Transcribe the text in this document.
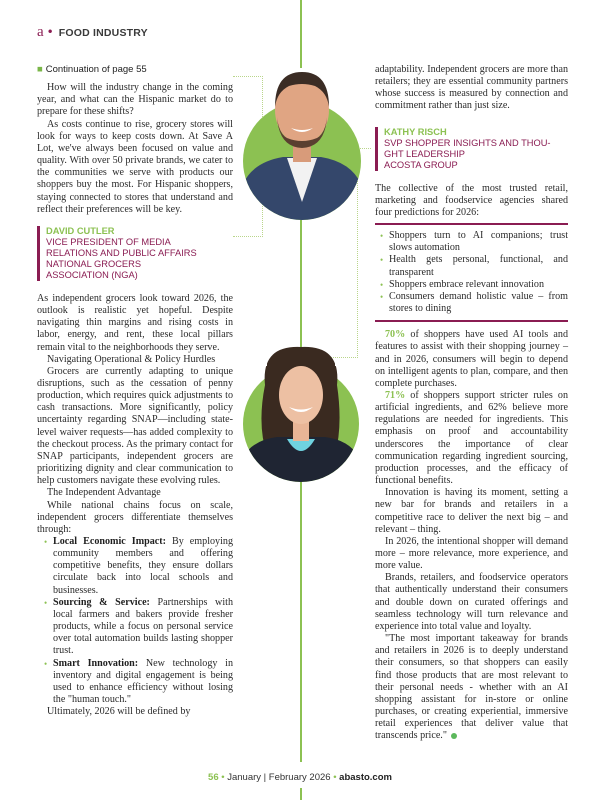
a • FOOD INDUSTRY
■ Continuation of page 55

How will the industry change in the coming year, and what can the Hispanic market do to prepare for these shifts?

As costs continue to rise, grocery stores will look for ways to keep costs down. At Save A Lot, we've always been focused on value and quality. With over 50 private brands, we cater to the communities we serve with products our shoppers buy the most. For Hispanic shoppers, staying connected to stores that understand and reflect their preferences will be key.

DAVID CUTLER
VICE PRESIDENT OF MEDIA
RELATIONS AND PUBLIC AFFAIRS
NATIONAL GROCERS
ASSOCIATION (NGA)

As independent grocers look toward 2026, the outlook is realistic yet hopeful. Despite navigating thin margins and rising costs in labor, energy, and rent, these local pillars remain vital to the neighborhoods they serve.

Navigating Operational & Policy Hurdles

Grocers are currently adapting to unique disruptions, such as the cessation of penny production, which requires quick adjustments to cash transactions. More significantly, policy uncertainty regarding SNAP—including state-level waiver requests—has added complexity to the checkout process. As the primary contact for SNAP participants, independent grocers are prioritizing dignity and clear communication to help customers navigate these evolving rules.

The Independent Advantage

While national chains focus on scale, independent grocers differentiate themselves through:

• Local Economic Impact: By employing community members and offering competitive benefits, they ensure dollars circulate back into local schools and businesses.
• Sourcing & Service: Partnerships with local farmers and bakers provide fresher products, while a focus on personal service over total automation builds lasting shopper trust.
• Smart Innovation: New technology in inventory and digital engagement is being used to enhance efficiency without losing the "human touch."

Ultimately, 2026 will be defined by

adaptability. Independent grocers are more than retailers; they are essential community partners whose success is measured by connection and commitment rather than just size.

KATHY RISCH
SVP SHOPPER INSIGHTS AND THOU-
GHT LEADERSHIP
ACOSTA GROUP

The collective of the most trusted retail, marketing and foodservice agencies shared four predictions for 2026:

• Shoppers turn to AI companions; trust slows automation
• Health gets personal, functional, and transparent
• Shoppers embrace relevant innovation
• Consumers demand holistic value – from stores to dining

70% of shoppers have used AI tools and features to assist with their shopping journey – and in 2026, consumers will begin to depend on intelligent agents to plan, compare, and then complete purchases.

71% of shoppers support stricter rules on artificial ingredients, and 62% believe more regulations are needed for ingredients. This emphasis on proof and accountability underscores the importance of clear communication regarding ingredient sourcing, production processes, and the efficacy of functional benefits.

Innovation is having its moment, setting a new bar for brands and retailers in a competitive race to deliver the next big – and relevant – thing.

In 2026, the intentional shopper will demand more – more relevance, more experience, and more value.

Brands, retailers, and foodservice operators that authentically understand their consumers and double down on curated offerings and seamless technology will turn relevance and experience into total value and loyalty.

"The most important takeaway for brands and retailers in 2026 is to deeply understand their consumers, so that shoppers can easily find those products that are most relevant to their personal needs - whether with an AI shopping assistant for in-store or online purchases, or creating experiential, immersive retail experiences that deliver value that transcends price."

56 • January | February 2026 • abasto.com
